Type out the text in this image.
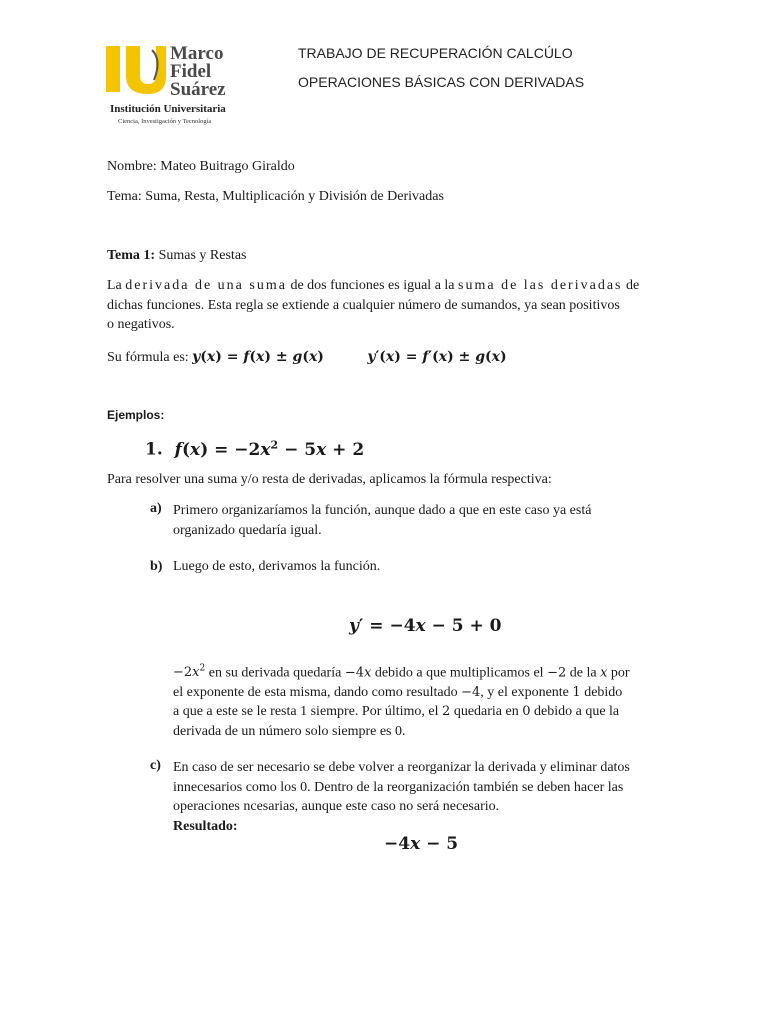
Marco
Fidel
Suárez
Institución Universitaria
Ciencia, Investigación y Tecnología
TRABAJO DE RECUPERACIÓN CALCÚLO
OPERACIONES BÁSICAS CON DERIVADAS
Nombre: Mateo Buitrago Giraldo
Tema: Suma, Resta, Multiplicación y División de Derivadas
Tema 1: Sumas y Restas
La derivada de una suma de dos funciones es igual a la suma de las derivadas de
dichas funciones. Esta regla se extiende a cualquier número de sumandos, ya sean positivos
o negativos.
Su fórmula es: y(x) = f(x) ± g(x)	y′(x) = f′(x) ± g(x)
Ejemplos:
1. $f(x) = -2x^2 - 5x + 2$
Para resolver una suma y/o resta de derivadas, aplicamos la fórmula respectiva:
a) Primero organizaríamos la función, aunque dado a que en este caso ya está
organizado quedaría igual.
b) Luego de esto, derivamos la función.
y′ = −4x − 5 + 0
$-2x^2$ en su derivada quedaría −4x debido a que multiplicamos el −2 de la x por
el exponente de esta misma, dando como resultado −4, y el exponente 1 debido
a que a este se le resta 1 siempre. Por último, el 2 quedaria en 0 debido a que la
derivada de un número solo siempre es 0.
c) En caso de ser necesario se debe volver a reorganizar la derivada y eliminar datos
innecesarios como los 0. Dentro de la reorganización también se deben hacer las
operaciones ncesarias, aunque este caso no será necesario.
Resultado:
−4x − 5
